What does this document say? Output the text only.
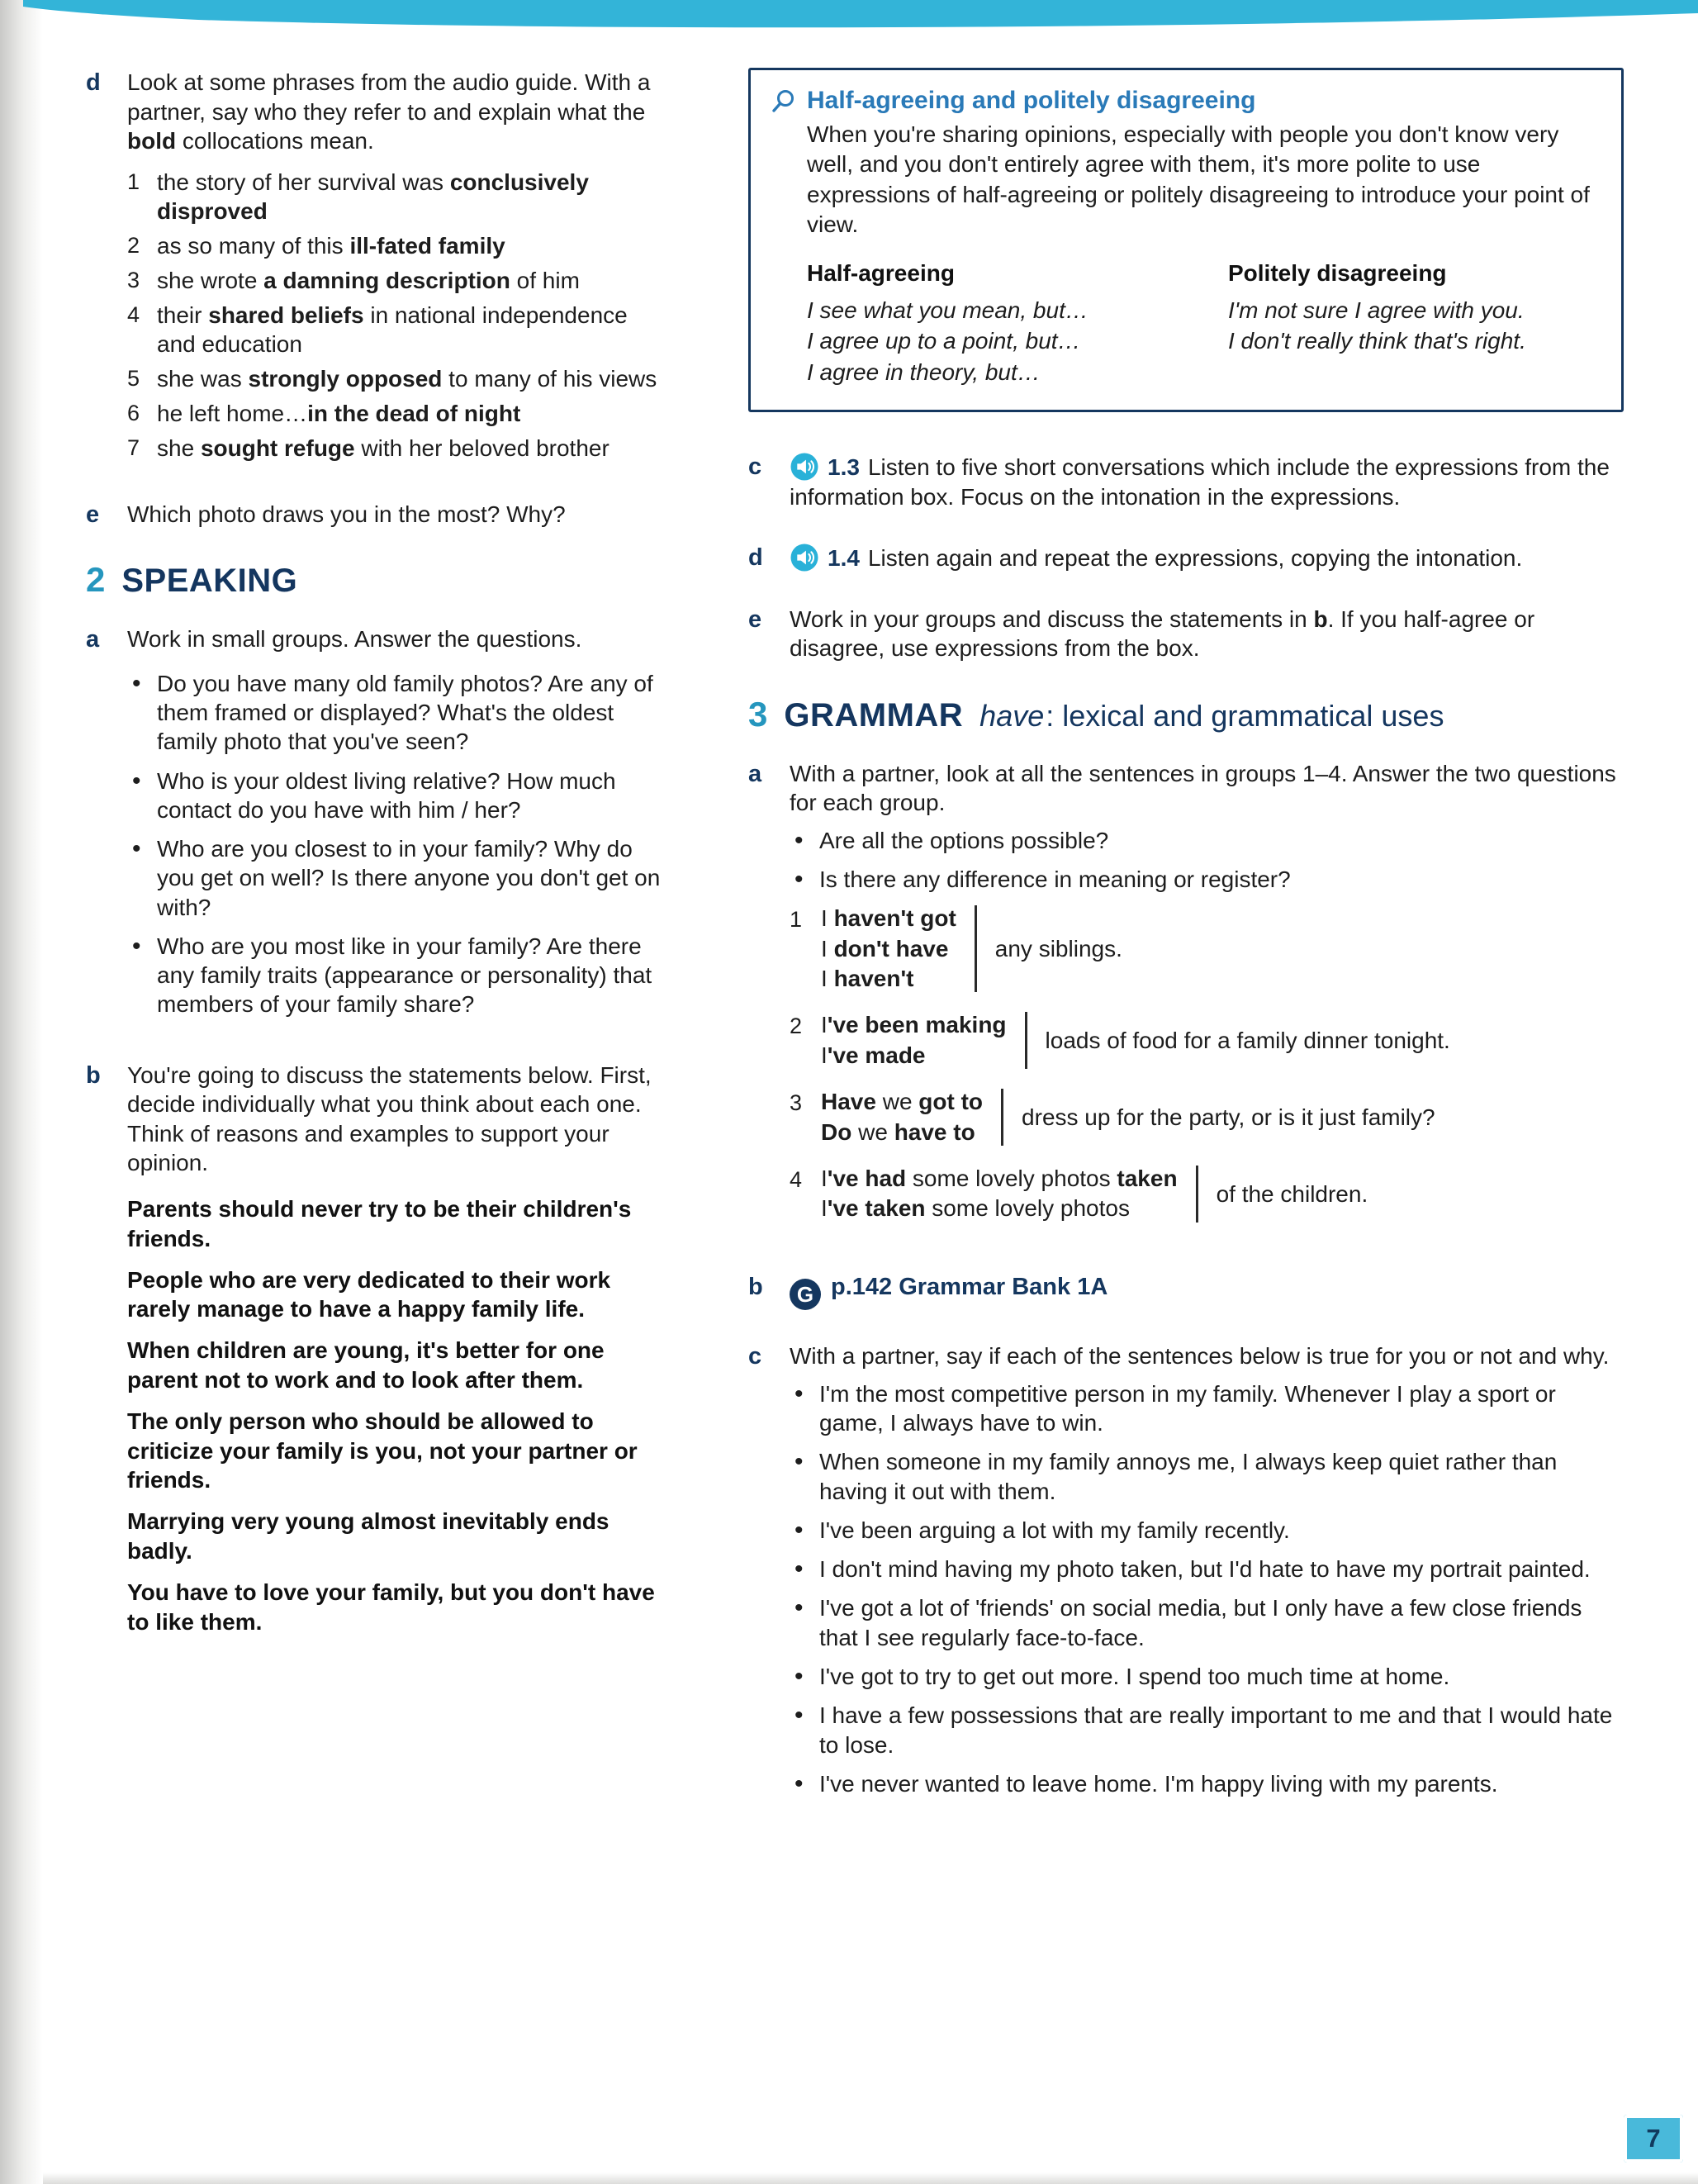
d	Look at some phrases from the audio guide. With a partner, say who they refer to and explain what the bold collocations mean.

1 the story of her survival was conclusively disproved
2 as so many of this ill-fated family
3 she wrote a damning description of him
4 their shared beliefs in national independence and education
5 she was strongly opposed to many of his views
6 he left home…in the dead of night
7 she sought refuge with her beloved brother
e	Which photo draws you in the most? Why?

2 SPEAKING
a	Work in small groups. Answer the questions.

• Do you have many old family photos? Are any of them framed or displayed? What's the oldest family photo that you've seen?
• Who is your oldest living relative? How much contact do you have with him / her?
• Who are you closest to in your family? Why do you get on well? Is there anyone you don't get on with?
• Who are you most like in your family? Are there any family traits (appearance or personality) that members of your family share?
b	You're going to discuss the statements below. First, decide individually what you think about each one. Think of reasons and examples to support your opinion.

Parents should never try to be their children's friends.

People who are very dedicated to their work rarely manage to have a happy family life.

When children are young, it's better for one parent not to work and to look after them.

The only person who should be allowed to criticize your family is you, not your partner or friends.

Marrying very young almost inevitably ends badly.

You have to love your family, but you don't have to like them.

Half-agreeing and politely disagreeing

When you're sharing opinions, especially with people you don't know very well, and you don't entirely agree with them, it's more polite to use expressions of half-agreeing or politely disagreeing to introduce your point of view.

Half-agreeing

I see what you mean, but…

I agree up to a point, but…

I agree in theory, but…

Politely disagreeing

I'm not sure I agree with you.

I don't really think that's right.

c	1.3 Listen to five short conversations which include the expressions from the information box. Focus on the intonation in the expressions.

d	1.4 Listen again and repeat the expressions, copying the intonation.

e	Work in your groups and discuss the statements in b. If you half-agree or disagree, use expressions from the box.

3 GRAMMAR have: lexical and grammatical uses
a	With a partner, look at all the sentences in groups 1–4. Answer the two questions for each group.

• Are all the options possible?
• Is there any difference in meaning or register?
1 I haven't got
I don't have
I haven't
any siblings.
2 I've been making
I've made
loads of food for a family dinner tonight.
3 Have we got to
Do we have to
dress up for the party, or is it just family?
4 I've had some lovely photos taken
I've taken some lovely photos
of the children.
b	G p.142 Grammar Bank 1A

c	With a partner, say if each of the sentences below is true for you or not and why.

• I'm the most competitive person in my family. Whenever I play a sport or game, I always have to win.
• When someone in my family annoys me, I always keep quiet rather than having it out with them.
• I've been arguing a lot with my family recently.
• I don't mind having my photo taken, but I'd hate to have my portrait painted.
• I've got a lot of 'friends' on social media, but I only have a few close friends that I see regularly face-to-face.
• I've got to try to get out more. I spend too much time at home.
• I have a few possessions that are really important to me and that I would hate to lose.
• I've never wanted to leave home. I'm happy living with my parents.
7
